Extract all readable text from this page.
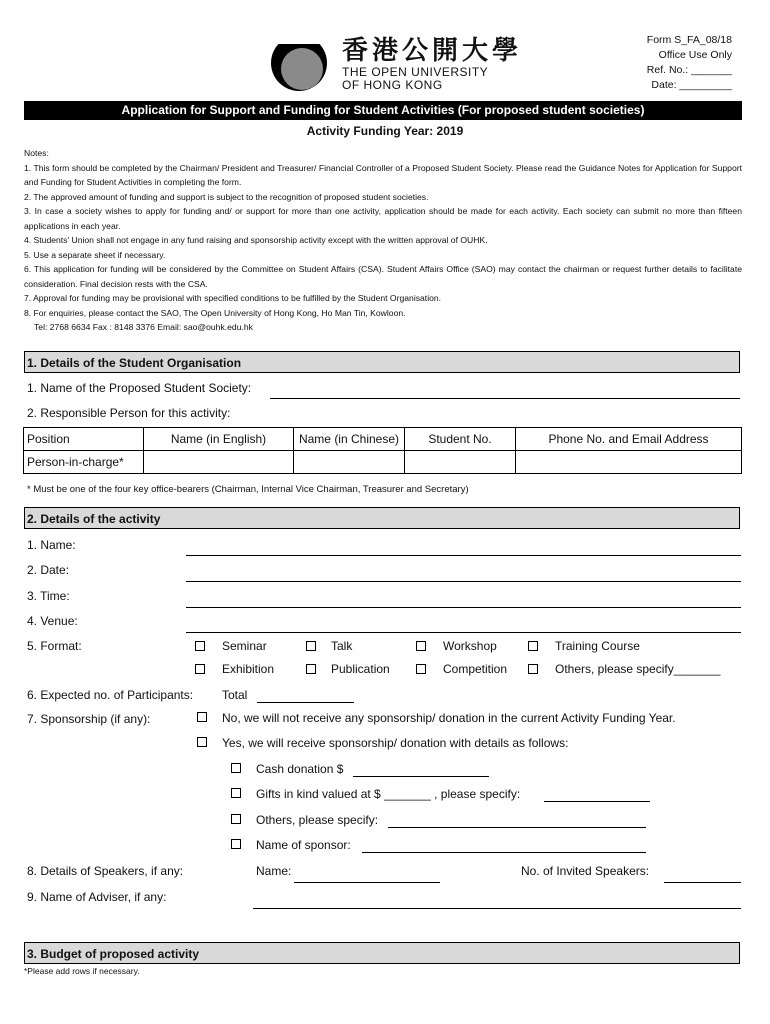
香港公開大學
THE OPEN UNIVERSITY
OF HONG KONG
Form S_FA_08/18
Office Use Only
Ref. No.: _______
Date: _________
Application for Support and Funding for Student Activities (For proposed student societies)
Activity Funding Year: 2019
Notes:
1. This form should be completed by the Chairman/ President and Treasurer/ Financial Controller of a Proposed Student Society. Please read the Guidance Notes for Application for Support and Funding for Student Activities in completing the form.
2. The approved amount of funding and support is subject to the recognition of proposed student societies.
3. In case a society wishes to apply for funding and/ or support for more than one activity, application should be made for each activity. Each society can submit no more than fifteen applications in each year.
4. Students' Union shall not engage in any fund raising and sponsorship activity except with the written approval of OUHK.
5. Use a separate sheet if necessary.
6. This application for funding will be considered by the Committee on Student Affairs (CSA). Student Affairs Office (SAO) may contact the chairman or request further details to facilitate consideration. Final decision rests with the CSA.
7. Approval for funding may be provisional with specified conditions to be fulfilled by the Student Organisation.
8. For enquiries, please contact the SAO, The Open University of Hong Kong, Ho Man Tin, Kowloon.
Tel: 2768 6634 Fax : 8148 3376 Email: sao@ouhk.edu.hk
1. Details of the Student Organisation
1. Name of the Proposed Student Society:
2. Responsible Person for this activity:
Position	Name (in English)	Name (in Chinese)	Student No.	Phone No. and Email Address
Person-in-charge*				
* Must be one of the four key office-bearers (Chairman, Internal Vice Chairman, Treasurer and Secretary)
2. Details of the activity
1. Name:
2. Date:
3. Time:
4. Venue:
5. Format:	Seminar	Talk	Workshop	Training Course
Exhibition	Publication	Competition	Others, please specify_______
6. Expected no. of Participants: Total
7. Sponsorship (if any):	No, we will not receive any sponsorship/ donation in the current Activity Funding Year.
Yes, we will receive sponsorship/ donation with details as follows:
Cash donation $
Gifts in kind valued at $ _______ , please specify:
Others, please specify:
Name of sponsor:
8. Details of Speakers, if any:	Name:	No. of Invited Speakers:
9. Name of Adviser, if any:
3. Budget of proposed activity
*Please add rows if necessary.
